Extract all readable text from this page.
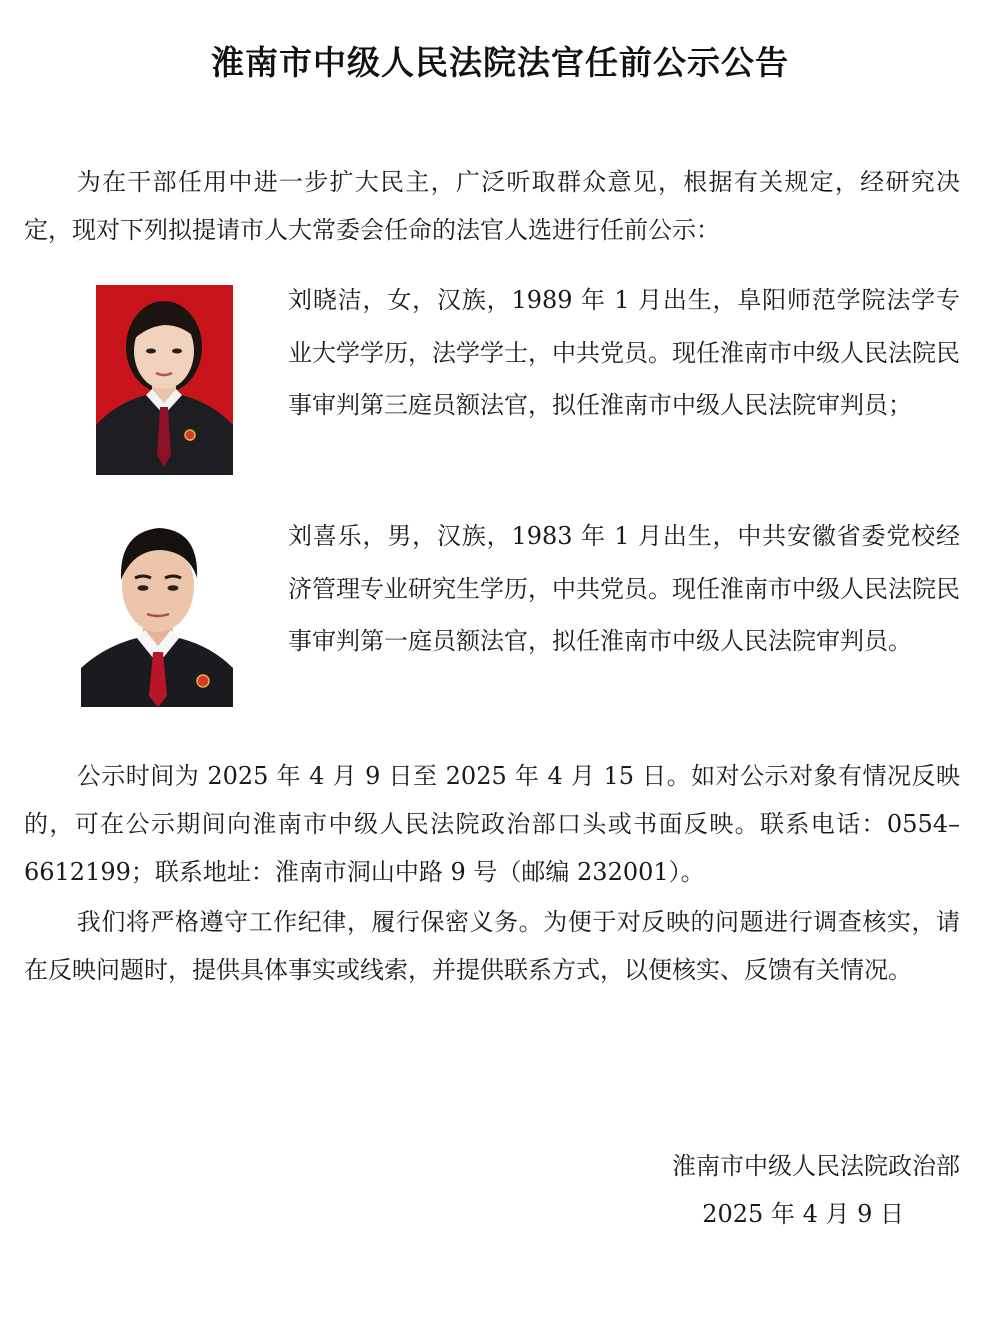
淮南市中级人民法院法官任前公示公告

为在干部任用中进一步扩大民主，广泛听取群众意见，根据有关规定，经研究决定，现对下列拟提请市人大常委会任命的法官人选进行任前公示：

刘晓洁，女，汉族，1989 年 1 月出生，阜阳师范学院法学专业大学学历，法学学士，中共党员。现任淮南市中级人民法院民事审判第三庭员额法官，拟任淮南市中级人民法院审判员；

刘喜乐，男，汉族，1983 年 1 月出生，中共安徽省委党校经济管理专业研究生学历，中共党员。现任淮南市中级人民法院民事审判第一庭员额法官，拟任淮南市中级人民法院审判员。

公示时间为 2025 年 4 月 9 日至 2025 年 4 月 15 日。如对公示对象有情况反映的，可在公示期间向淮南市中级人民法院政治部口头或书面反映。联系电话：0554–6612199；联系地址：淮南市洞山中路 9 号（邮编 232001）。

我们将严格遵守工作纪律，履行保密义务。为便于对反映的问题进行调查核实，请在反映问题时，提供具体事实或线索，并提供联系方式，以便核实、反馈有关情况。

淮南市中级人民法院政治部
2025 年 4 月 9 日
